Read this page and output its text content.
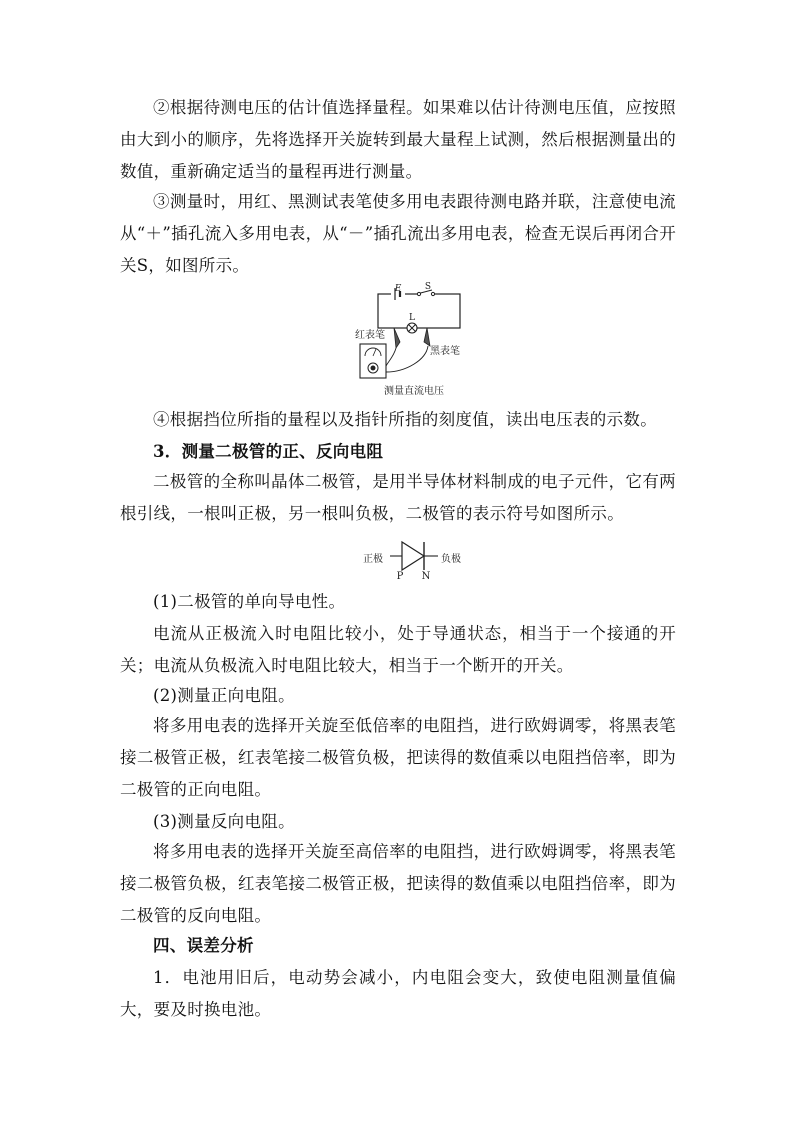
②根据待测电压的估计值选择量程。如果难以估计待测电压值，应按照由大到小的顺序，先将选择开关旋转到最大量程上试测，然后根据测量出的数值，重新确定适当的量程再进行测量。

③测量时，用红、黑测试表笔使多用电表跟待测电路并联，注意使电流从“＋”插孔流入多用电表，从“－”插孔流出多用电表，检查无误后再闭合开关S，如图所示。

E	S
L
红表笔
黑表笔
测量直流电压

④根据挡位所指的量程以及指针所指的刻度值，读出电压表的示数。

3．测量二极管的正、反向电阻

二极管的全称叫晶体二极管，是用半导体材料制成的电子元件，它有两根引线，一根叫正极，另一根叫负极，二极管的表示符号如图所示。

正极	负极
P N

(1)二极管的单向导电性。

电流从正极流入时电阻比较小，处于导通状态，相当于一个接通的开关；电流从负极流入时电阻比较大，相当于一个断开的开关。

(2)测量正向电阻。

将多用电表的选择开关旋至低倍率的电阻挡，进行欧姆调零，将黑表笔接二极管正极，红表笔接二极管负极，把读得的数值乘以电阻挡倍率，即为二极管的正向电阻。

(3)测量反向电阻。

将多用电表的选择开关旋至高倍率的电阻挡，进行欧姆调零，将黑表笔接二极管负极，红表笔接二极管正极，把读得的数值乘以电阻挡倍率，即为二极管的反向电阻。

四、误差分析

1．电池用旧后，电动势会减小，内电阻会变大，致使电阻测量值偏大，要及时换电池。
